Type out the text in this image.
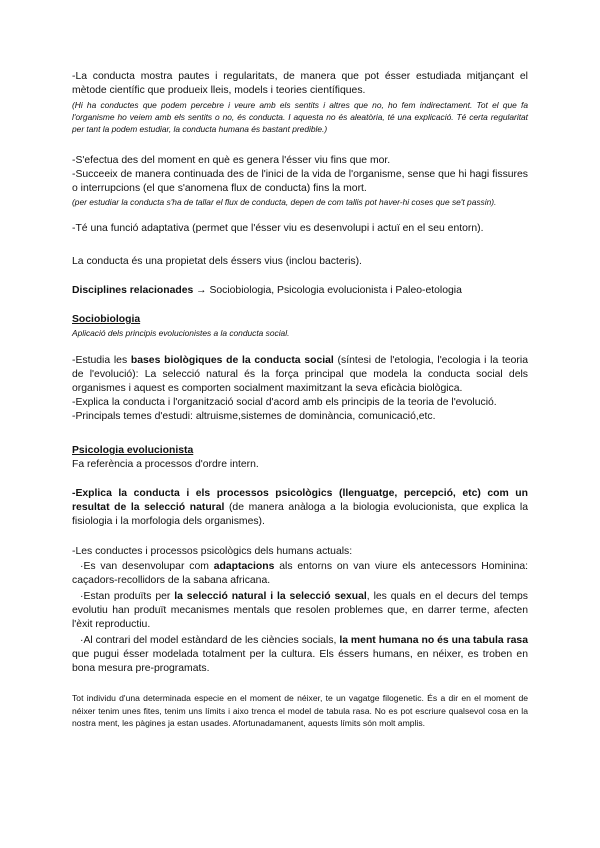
-La conducta mostra pautes i regularitats, de manera que pot ésser estudiada mitjançant el mètode científic que produeix lleis, models i teories científiques.

(Hi ha conductes que podem percebre i veure amb els sentits i altres que no, ho fem indirectament. Tot el que fa l'organisme ho veiem amb els sentits o no, és conducta. I aquesta no és aleatòria, té una explicació. Té certa regularitat per tant la podem estudiar, la conducta humana és bastant predible.)

-S'efectua des del moment en què es genera l'ésser viu fins que mor.

-Succeeix de manera continuada des de l'inici de la vida de l'organisme, sense que hi hagi fissures o interrupcions (el que s'anomena flux de conducta) fins la mort.

(per estudiar la conducta s'ha de tallar el flux de conducta, depen de com tallis pot haver-hi coses que se't passin).

-Té una funció adaptativa (permet que l'ésser viu es desenvolupi i actuï en el seu entorn).

La conducta és una propietat dels éssers vius (inclou bacteris).

Disciplines relacionades → Sociobiologia, Psicologia evolucionista i Paleo-etologia

Sociobiologia

Aplicació dels principis evolucionistes a la conducta social.

-Estudia les bases biològiques de la conducta social (síntesi de l'etologia, l'ecologia i la teoria de l'evolució): La selecció natural és la força principal que modela la conducta social dels organismes i aquest es comporten socialment maximitzant la seva eficàcia biològica.

-Explica la conducta i l'organització social d'acord amb els principis de la teoria de l'evolució.

-Principals temes d'estudi: altruisme,sistemes de dominància, comunicació,etc.

Psicologia evolucionista

Fa referència a processos d'ordre intern.

-Explica la conducta i els processos psicològics (llenguatge, percepció, etc) com un resultat de la selecció natural (de manera anàloga a la biologia evolucionista, que explica la fisiologia i la morfologia dels organismes).

-Les conductes i processos psicològics dels humans actuals:

·Es van desenvolupar com adaptacions als entorns on van viure els antecessors Hominina: caçadors-recollidors de la sabana africana.

·Estan produïts per la selecció natural i la selecció sexual, les quals en el decurs del temps evolutiu han produït mecanismes mentals que resolen problemes que, en darrer terme, afecten l'èxit reproductiu.

·Al contrari del model estàndard de les ciències socials, la ment humana no és una tabula rasa que pugui ésser modelada totalment per la cultura. Els éssers humans, en néixer, es troben en bona mesura pre-programats.

Tot individu d'una determinada especie en el moment de néixer, te un vagatge filogenetic. És a dir en el moment de néixer tenim unes fites, tenim uns límits i aixo trenca el model de tabula rasa. No es pot escriure qualsevol cosa en la nostra ment, les pàgines ja estan usades. Afortunadamanent, aquests límits són molt amplis.
